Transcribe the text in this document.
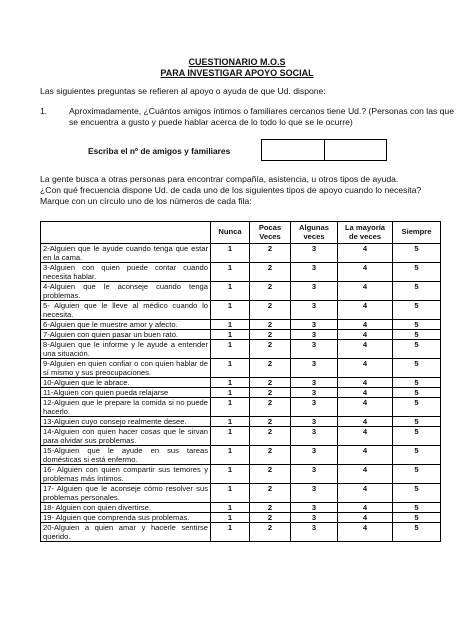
CUESTIONARIO M.O.S
PARA INVESTIGAR APOYO SOCIAL

Las siguientes preguntas se refieren al apoyo o ayuda de que Ud. dispone:

1.	Aproximadamente, ¿Cuántos amigos íntimos o familiares cercanos tiene Ud.? (Personas con las que se encuentra a gusto y puede hablar acerca de lo todo lo que se le ocurre)
Escriba el nº de amigos y familiares
La gente busca a otras personas para encontrar compañía, asistencia, u otros tipos de ayuda.
¿Con qué frecuencia dispone Ud. de cada uno de los siguientes tipos de apoyo cuando lo necesita?
Marque con un círculo uno de los números de cada fila:
	Nunca	Pocas Veces	Algunas veces	La mayoría de veces	Siempre
2-Alguien que le ayude cuando tenga que estar en la cama.	1	2	3	4	5
3-Alguien con quien puede contar cuando necesita hablar.	1	2	3	4	5
4-Alguien que le aconseje cuando tenga problemas.	1	2	3	4	5
5- Alguien que le lleve al médico cuando lo necesita.	1	2	3	4	5
6-Alguien que le muestre amor y afecto.	1	2	3	4	5
7-Alguien con quien pasar un buen rato.	1	2	3	4	5
8-Alguien que le informe y le ayude a entender una situación.	1	2	3	4	5
9-Alguien en quien confiar o con quien hablar de sí mismo y sus preocupaciones.	1	2	3	4	5
10-Alguien que le abrace.	1	2	3	4	5
11-Alguien con quien pueda relajarse	1	2	3	4	5
12-Alguien que le prepare la comida si no puede hacerlo.	1	2	3	4	5
13-Alguien cuyo consejo realmente desee.	1	2	3	4	5
14-Alguien con quien hacer cosas que le sirvan para olvidar sus problemas.	1	2	3	4	5
15-Alguien que le ayude en sus tareas domésticas si está enfermo.	1	2	3	4	5
16- Alguien con quien compartir sus temores y problemas más íntimos.	1	2	3	4	5
17- Alguien que le aconseje cómo resolver sus problemas personales.	1	2	3	4	5
18- Alguien con quien divertirse.	1	2	3	4	5
19- Alguien que comprenda sus problemas.	1	2	3	4	5
20-Alguien a quien amar y hacerle sentirse querido.	1	2	3	4	5
